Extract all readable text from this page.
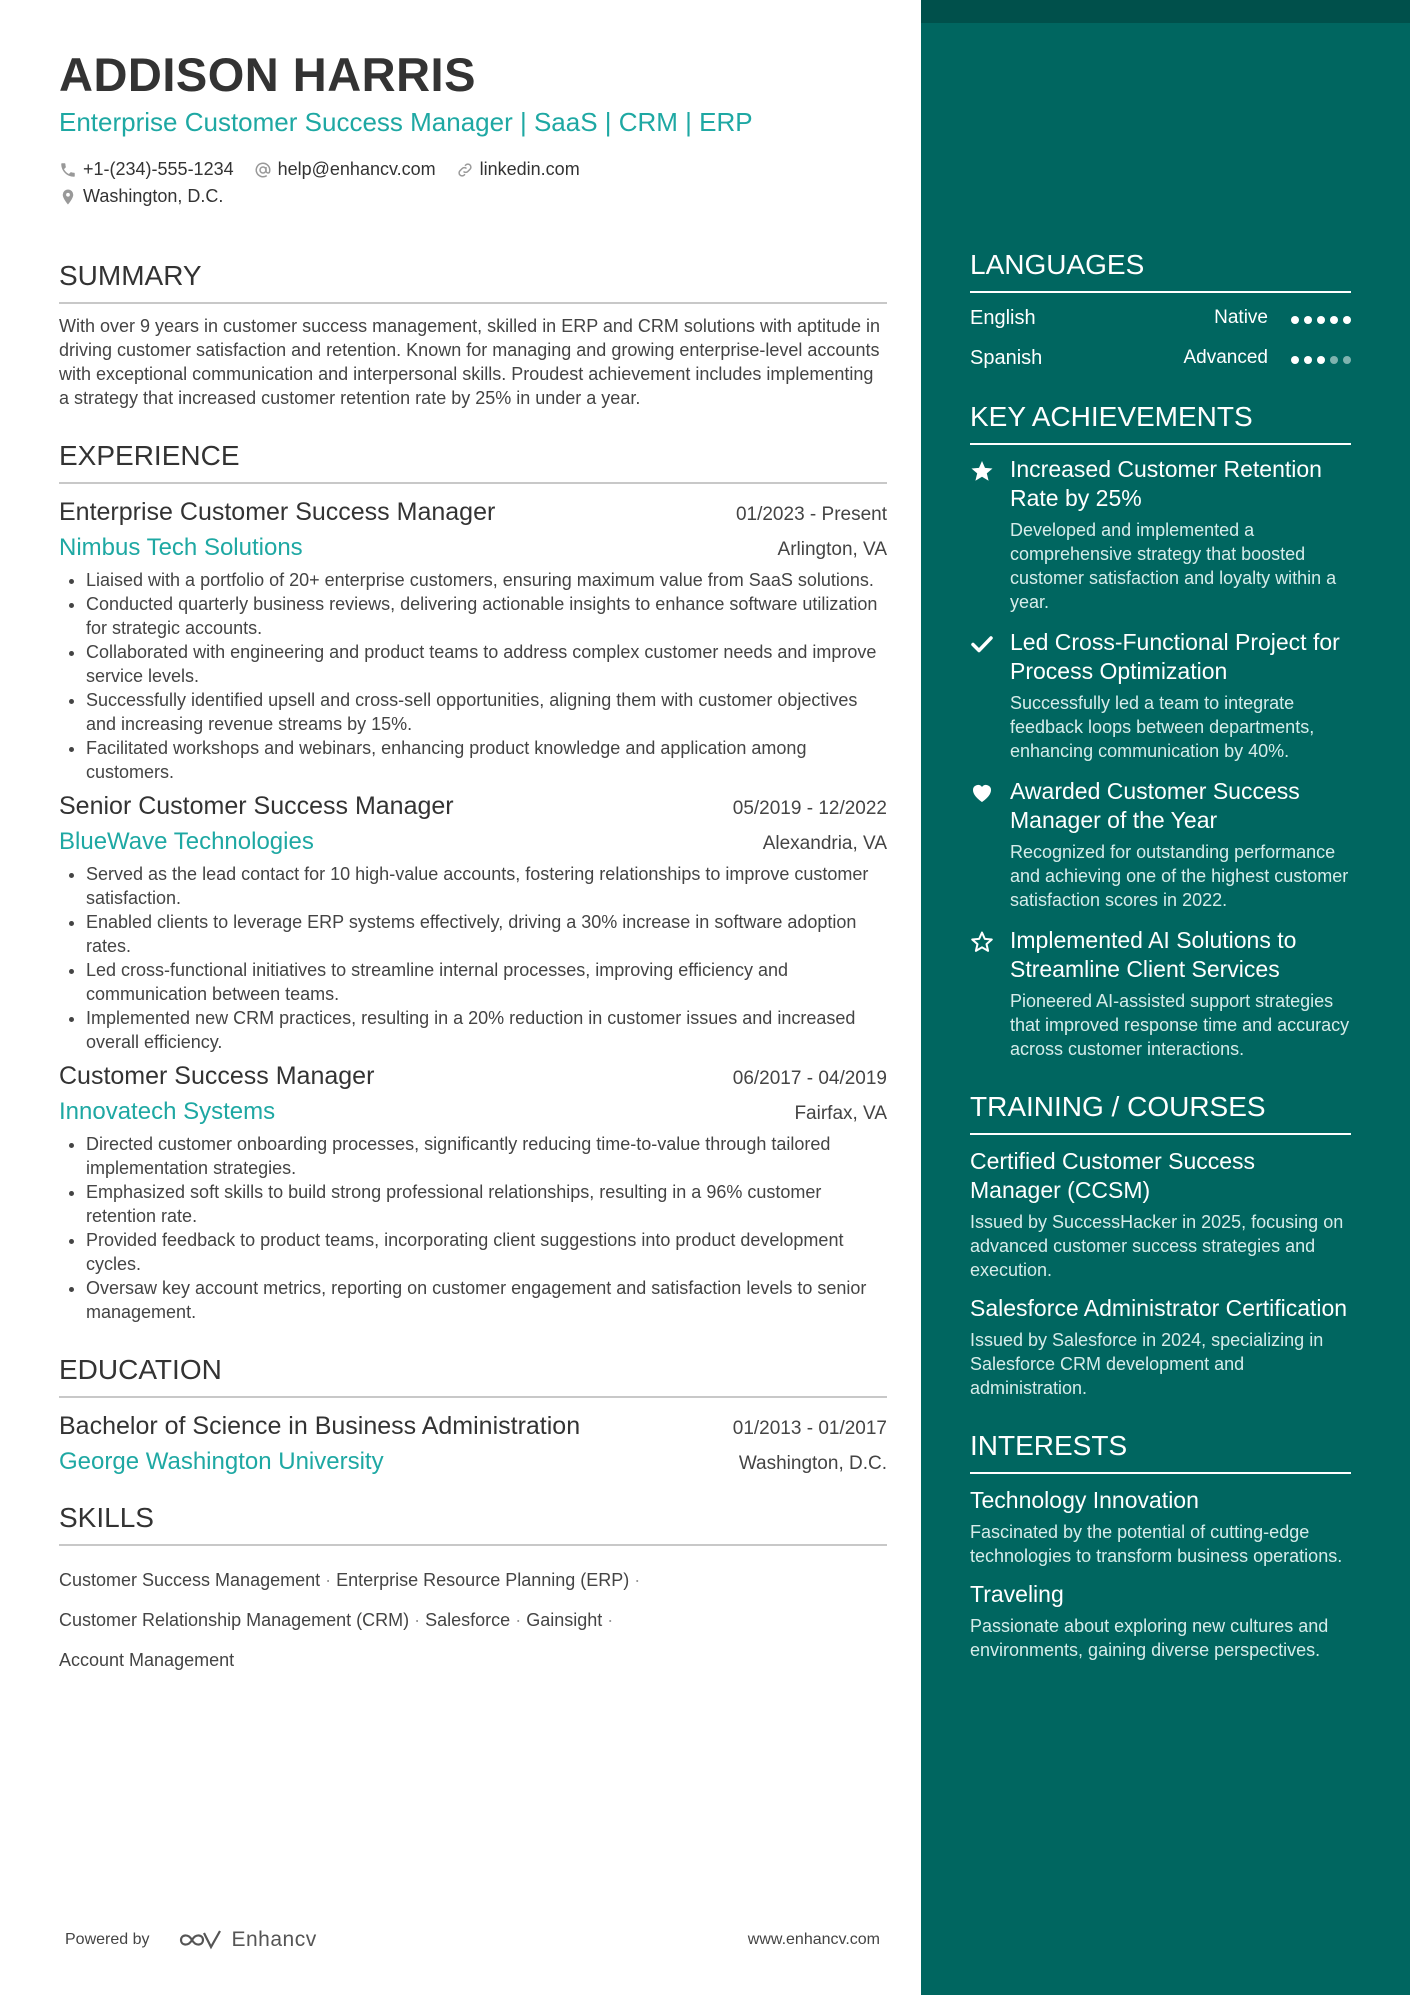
ADDISON HARRIS
Enterprise Customer Success Manager | SaaS | CRM | ERP
+1-(234)-555-1234 help@enhancv.com linkedin.com
Washington, D.C.
SUMMARY

With over 9 years in customer success management, skilled in ERP and CRM solutions with aptitude in driving customer satisfaction and retention. Known for managing and growing enterprise-level accounts with exceptional communication and interpersonal skills. Proudest achievement includes implementing a strategy that increased customer retention rate by 25% in under a year.

EXPERIENCE
Enterprise Customer Success Manager	01/2023 - Present
Nimbus Tech Solutions	Arlington, VA
• Liaised with a portfolio of 20+ enterprise customers, ensuring maximum value from SaaS solutions.
• Conducted quarterly business reviews, delivering actionable insights to enhance software utilization for strategic accounts.
• Collaborated with engineering and product teams to address complex customer needs and improve service levels.
• Successfully identified upsell and cross-sell opportunities, aligning them with customer objectives and increasing revenue streams by 15%.
• Facilitated workshops and webinars, enhancing product knowledge and application among customers.
Senior Customer Success Manager	05/2019 - 12/2022
BlueWave Technologies	Alexandria, VA
• Served as the lead contact for 10 high-value accounts, fostering relationships to improve customer satisfaction.
• Enabled clients to leverage ERP systems effectively, driving a 30% increase in software adoption rates.
• Led cross-functional initiatives to streamline internal processes, improving efficiency and communication between teams.
• Implemented new CRM practices, resulting in a 20% reduction in customer issues and increased overall efficiency.
Customer Success Manager	06/2017 - 04/2019
Innovatech Systems	Fairfax, VA
• Directed customer onboarding processes, significantly reducing time-to-value through tailored implementation strategies.
• Emphasized soft skills to build strong professional relationships, resulting in a 96% customer retention rate.
• Provided feedback to product teams, incorporating client suggestions into product development cycles.
• Oversaw key account metrics, reporting on customer engagement and satisfaction levels to senior management.
EDUCATION
Bachelor of Science in Business Administration	01/2013 - 01/2017
George Washington University	Washington, D.C.
SKILLS
Customer Success Management · Enterprise Resource Planning (ERP) ·
Customer Relationship Management (CRM) · Salesforce · Gainsight ·
Account Management
Powered by	Enhancv	www.enhancv.com
LANGUAGES
English	Native
Spanish	Advanced
KEY ACHIEVEMENTS
Increased Customer Retention Rate by 25%
Developed and implemented a comprehensive strategy that boosted customer satisfaction and loyalty within a year.
Led Cross-Functional Project for Process Optimization
Successfully led a team to integrate feedback loops between departments, enhancing communication by 40%.
Awarded Customer Success Manager of the Year
Recognized for outstanding performance and achieving one of the highest customer satisfaction scores in 2022.
Implemented AI Solutions to Streamline Client Services
Pioneered AI-assisted support strategies that improved response time and accuracy across customer interactions.
TRAINING / COURSES
Certified Customer Success Manager (CCSM)
Issued by SuccessHacker in 2025, focusing on advanced customer success strategies and execution.
Salesforce Administrator Certification
Issued by Salesforce in 2024, specializing in Salesforce CRM development and administration.
INTERESTS
Technology Innovation
Fascinated by the potential of cutting-edge technologies to transform business operations.
Traveling
Passionate about exploring new cultures and environments, gaining diverse perspectives.
